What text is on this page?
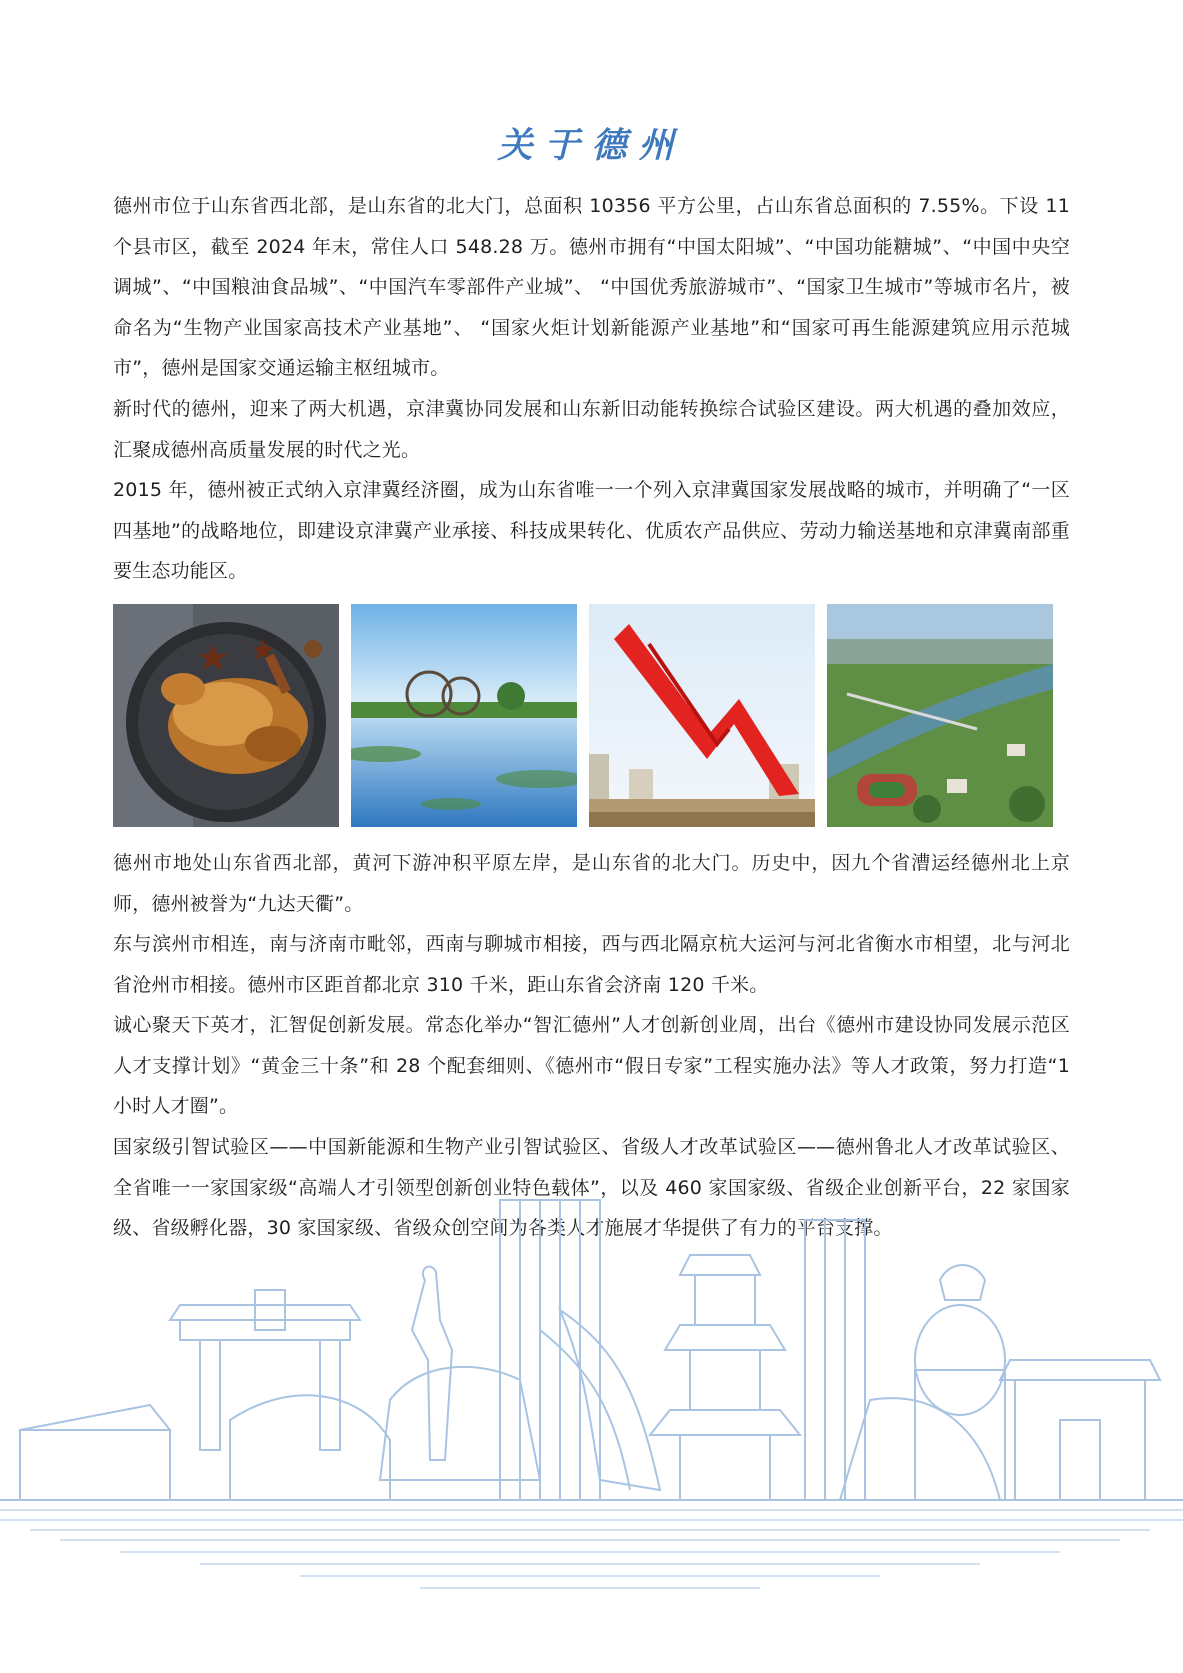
关于德州

德州市位于山东省西北部，是山东省的北大门，总面积 10356 平方公里，占山东省总面积的 7.55%。下设 11 个县市区，截至 2024 年末，常住人口 548.28 万。德州市拥有“中国太阳城”、“中国功能糖城”、“中国中央空调城”、“中国粮油食品城”、“中国汽车零部件产业城”、 “中国优秀旅游城市”、“国家卫生城市”等城市名片，被命名为“生物产业国家高技术产业基地”、 “国家火炬计划新能源产业基地”和“国家可再生能源建筑应用示范城市”，德州是国家交通运输主枢纽城市。

新时代的德州，迎来了两大机遇，京津冀协同发展和山东新旧动能转换综合试验区建设。两大机遇的叠加效应，汇聚成德州高质量发展的时代之光。

2015 年，德州被正式纳入京津冀经济圈，成为山东省唯一一个列入京津冀国家发展战略的城市，并明确了“一区四基地”的战略地位，即建设京津冀产业承接、科技成果转化、优质农产品供应、劳动力输送基地和京津冀南部重要生态功能区。

德州市地处山东省西北部，黄河下游冲积平原左岸，是山东省的北大门。历史中，因九个省漕运经德州北上京师，德州被誉为“九达天衢”。

东与滨州市相连，南与济南市毗邻，西南与聊城市相接，西与西北隔京杭大运河与河北省衡水市相望，北与河北省沧州市相接。德州市区距首都北京 310 千米，距山东省会济南 120 千米。

诚心聚天下英才，汇智促创新发展。常态化举办“智汇德州”人才创新创业周，出台《德州市建设协同发展示范区人才支撑计划》“黄金三十条”和 28 个配套细则、《德州市“假日专家”工程实施办法》等人才政策，努力打造“1 小时人才圈”。

国家级引智试验区——中国新能源和生物产业引智试验区、省级人才改革试验区——德州鲁北人才改革试验区、全省唯一一家国家级“高端人才引领型创新创业特色载体”，以及 460 家国家级、省级企业创新平台，22 家国家级、省级孵化器，30 家国家级、省级众创空间为各类人才施展才华提供了有力的平台支撑。
